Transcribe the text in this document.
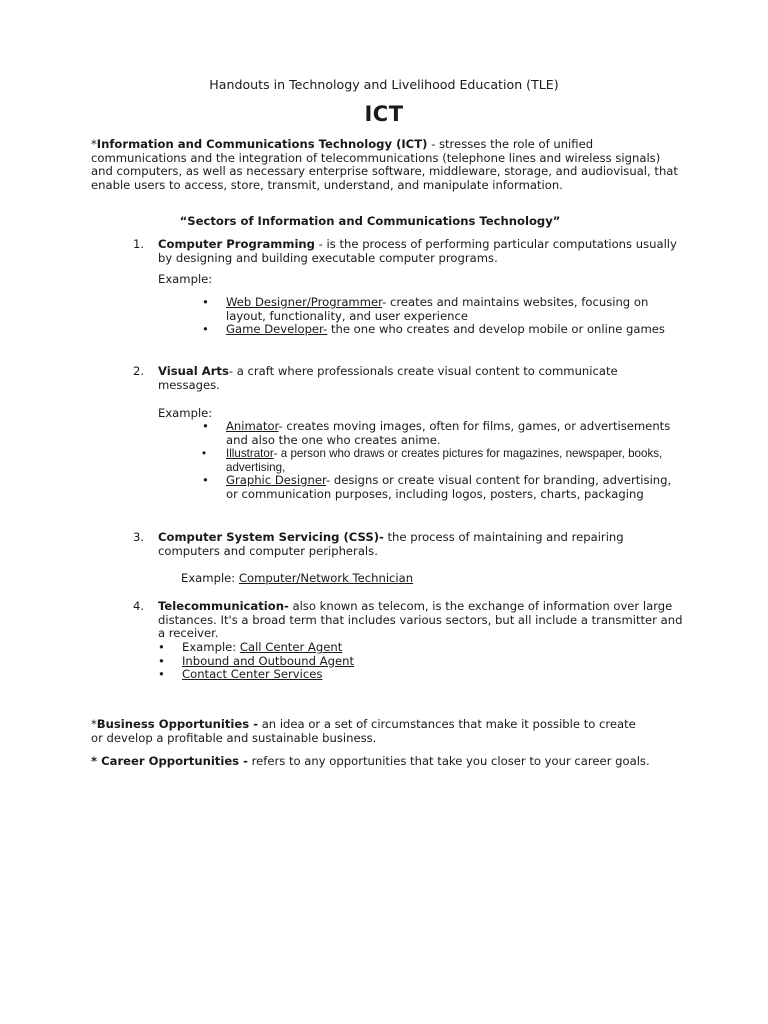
Handouts in Technology and Livelihood Education (TLE)
ICT
*Information and Communications Technology (ICT) - stresses the role of unified communications and the integration of telecommunications (telephone lines and wireless signals) and computers, as well as necessary enterprise software, middleware, storage, and audiovisual, that enable users to access, store, transmit, understand, and manipulate information.
“Sectors of Information and Communications Technology”
1.	Computer Programming - is the process of performing particular computations usually by designing and building executable computer programs.
Example:
• Web Designer/Programmer- creates and maintains websites, focusing on layout, functionality, and user experience
• Game Developer- the one who creates and develop mobile or online games
2.	Visual Arts- a craft where professionals create visual content to communicate messages.
Example:
• Animator- creates moving images, often for films, games, or advertisements and also the one who creates anime.
• Illustrator- a person who draws or creates pictures for magazines, newspaper, books, advertising,
• Graphic Designer- designs or create visual content for branding, advertising, or communication purposes, including logos, posters, charts, packaging
3.	Computer System Servicing (CSS)- the process of maintaining and repairing computers and computer peripherals.
Example: Computer/Network Technician
4.	Telecommunication- also known as telecom, is the exchange of information over large distances. It's a broad term that includes various sectors, but all include a transmitter and a receiver.
• Example: Call Center Agent
• Inbound and Outbound Agent
• Contact Center Services
*Business Opportunities - an idea or a set of circumstances that make it possible to create or develop a profitable and sustainable business.
* Career Opportunities - refers to any opportunities that take you closer to your career goals.
